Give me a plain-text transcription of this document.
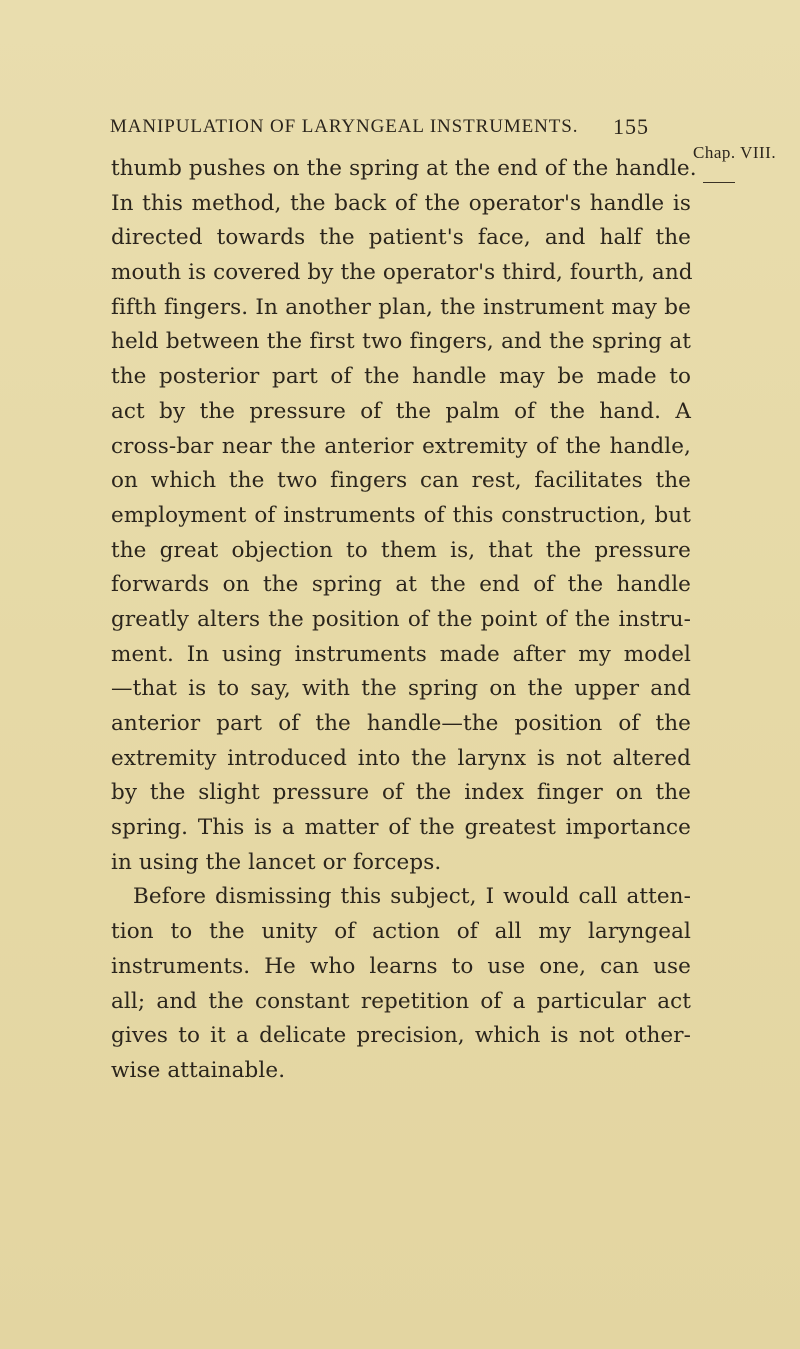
MANIPULATION OF LARYNGEAL INSTRUMENTS. 155
Chap. VIII.
thumb pushes on the spring at the end of the handle.
In this method, the back of the operator's handle is
directed towards the patient's face, and half the
mouth is covered by the operator's third, fourth, and
fifth fingers. In another plan, the instrument may be
held between the first two fingers, and the spring at
the posterior part of the handle may be made to
act by the pressure of the palm of the hand. A
cross-bar near the anterior extremity of the handle,
on which the two fingers can rest, facilitates the
employment of instruments of this construction, but
the great objection to them is, that the pressure
forwards on the spring at the end of the handle
greatly alters the position of the point of the instru-
ment. In using instruments made after my model
—that is to say, with the spring on the upper and
anterior part of the handle—the position of the
extremity introduced into the larynx is not altered
by the slight pressure of the index finger on the
spring. This is a matter of the greatest importance
in using the lancet or forceps.
Before dismissing this subject, I would call atten-
tion to the unity of action of all my laryngeal
instruments. He who learns to use one, can use
all; and the constant repetition of a particular act
gives to it a delicate precision, which is not other-
wise attainable.
